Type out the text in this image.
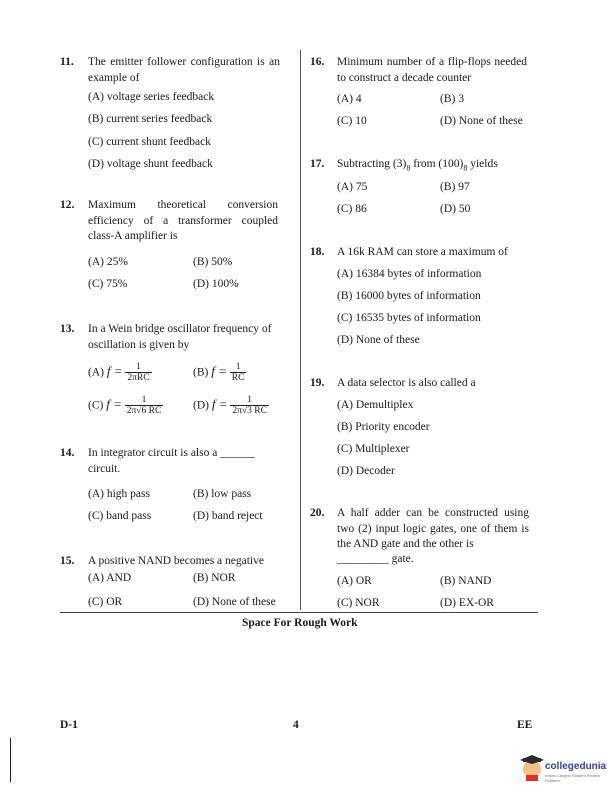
11. The emitter follower configuration is an example of
(A) voltage series feedback
(B) current series feedback
(C) current shunt feedback
(D) voltage shunt feedback
12. Maximum theoretical conversion efficiency of a transformer coupled class-A amplifier is
(A) 25%	(B) 50%
(C) 75%	(D) 100%
13. In a Wein bridge oscillator frequency of oscillation is given by
(A) $f = \frac{1}{\text{2πRC}}$	(B) $f = \frac{1}{RC}$
(C) $f = \frac{1}{2\pi√6 RC}$	(D) $f = \frac{1}{2\pi√3 RC}$
14. In integrator circuit is also a ______ circuit.
(A) high pass	(B) low pass
(C) band pass	(D) band reject
15. A positive NAND becomes a negative
(A) AND	(B) NOR
(C) OR	(D) None of these
16. Minimum number of a flip-flops needed to construct a decade counter
(A) 4	(B) 3
(C) 10	(D) None of these
17. Subtracting $(3)_8$ from $(100)_8$ yields
(A) 75	(B) 97
(C) 86	(D) 50
18. A 16k RAM can store a maximum of
(A) 16384 bytes of information
(B) 16000 bytes of information
(C) 16535 bytes of information
(D) None of these
19. A data selector is also called a
(A) Demultiplex
(B) Priority encoder
(C) Multiplexer
(D) Decoder
20. A half adder can be constructed using two (2) input logic gates, one of them is the AND gate and the other is
_________ gate.
(A) OR	(B) NAND
(C) NOR	(D) EX-OR
Space For Rough Work
D-1	4	EE
collegedunia
India's Largest Student Review Platform
